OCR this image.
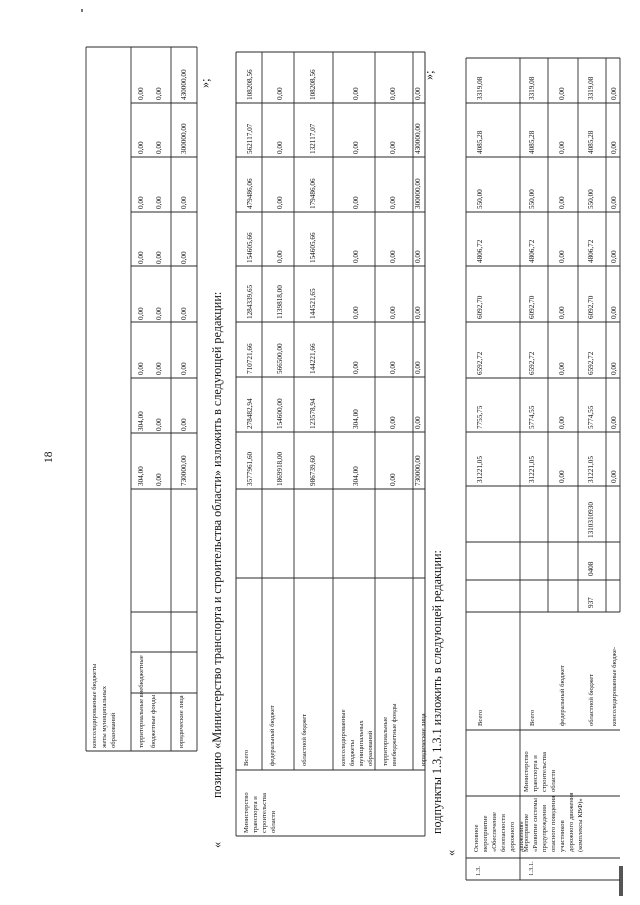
18	позицию «Министерство транспорта и строительства области» изложить в следующей редакции:
«
»;
подпункты 1.3, 1.3.1 изложить в следующей редакции:
«
»;
консолидированные бюджеты
304,00
304,00
0,00
0,00
0,00
0,00
0,00
0,00
территориальные внебюджетные
0,00
0,00
0,00
0,00
0,00
0,00
0,00
0,00
юридические лица
730000,00
0,00
0,00
0,00
0,00
0,00
300000,00
430000,00
жеты муниципальных образований	бюджетные фонды
Министерство транспорта и строительства области
Всего
3577961,60
278482,94
710721,66
1284339,65
154605,66
479486,06
562117,07
108208,56
федеральный бюджет
1869918,00
154600,00
566500,00
1139818,00
0,00
0,00
0,00
0,00
областной бюджет
986739,60
123578,94
144221,66
144521,65
154605,66
179486,06
132117,07
108208,56
консолидированные бюджеты муниципальных образований
304,00
304,00
0,00
0,00
0,00
0,00
0,00
0,00
территориальные внебюджетные фонды
0,00
0,00
0,00
0,00
0,00
0,00
0,00
0,00
юридические лица
730000,00
0,00
0,00
0,00
0,00
300000,00
430000,00
0,00
1.3.
Основное мероприятие «Обеспечение безопасности дорожного движения»
Всего
31221,05
7755,75
6592,72
6092,70
4806,72
550,00
4085,28
3319,08
1.3.1.
Мероприятие «Развитие системы предупреждения опасного поведения участников дорожного движения (комплексы КВФ)»
Министерство транспорта и строительства области
Всего
31221,05
5774,55
6592,72
6092,70
4806,72
550,00
4085,28
3319,08
федеральный бюджет
0,00
0,00
0,00
0,00
0,00
0,00
0,00
0,00
областной бюджет
31221,05
5774,55
6592,72
6092,70
4806,72
550,00
4085,28
3319,08
консолидированные бюдже-
0,00
0,00
0,00
0,00
0,00
0,00
0,00
0,00
937
0408
1310310930
